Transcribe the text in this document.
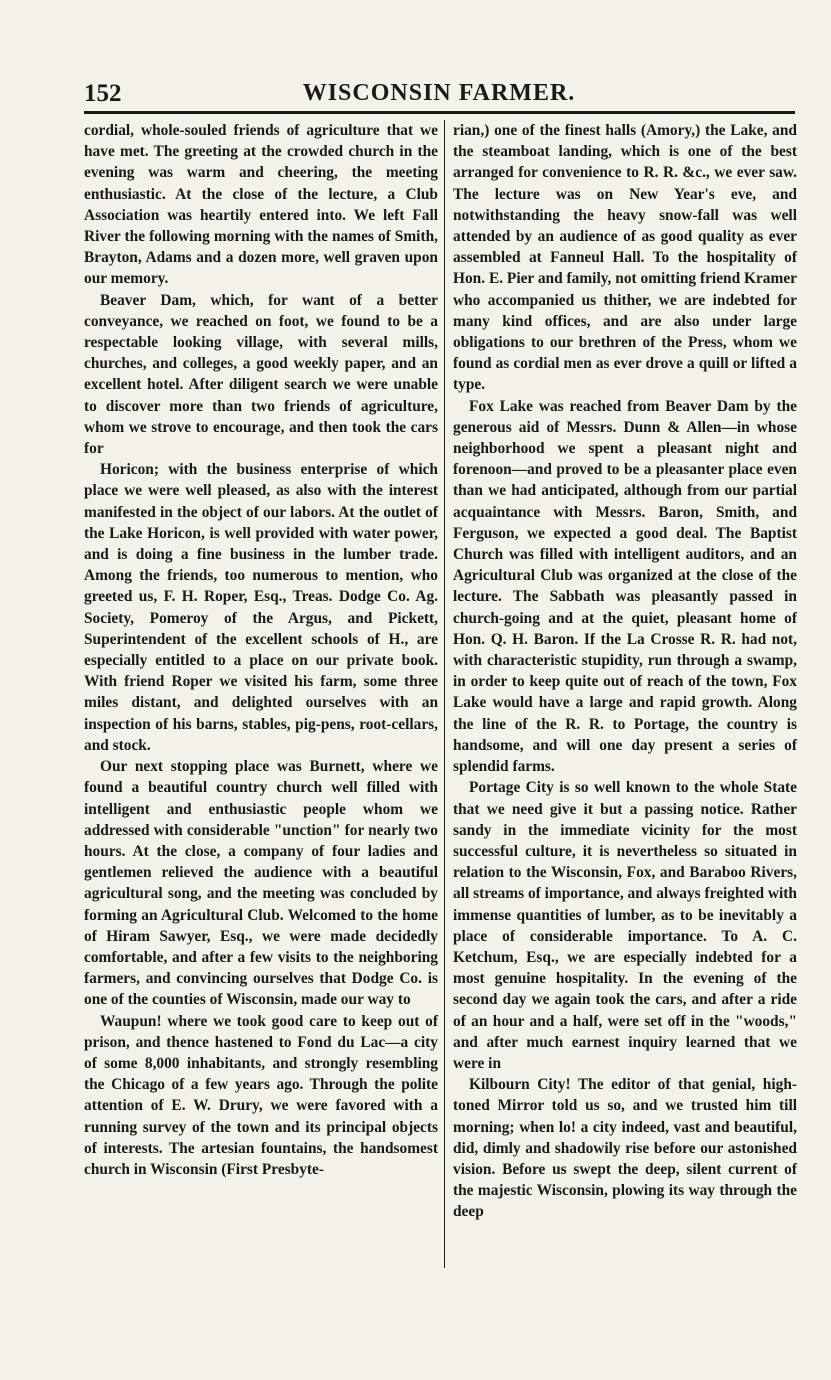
152	WISCONSIN FARMER.

cordial, whole-souled friends of agriculture that we have met. The greeting at the crowded church in the evening was warm and cheering, the meeting enthusiastic. At the close of the lecture, a Club Association was heartily entered into. We left Fall River the following morning with the names of Smith, Brayton, Adams and a dozen more, well graven upon our memory.

Beaver Dam, which, for want of a better conveyance, we reached on foot, we found to be a respectable looking village, with several mills, churches, and colleges, a good weekly paper, and an excellent hotel. After diligent search we were unable to discover more than two friends of agriculture, whom we strove to encourage, and then took the cars for

Horicon; with the business enterprise of which place we were well pleased, as also with the interest manifested in the object of our labors. At the outlet of the Lake Horicon, is well provided with water power, and is doing a fine business in the lumber trade. Among the friends, too numerous to mention, who greeted us, F. H. Roper, Esq., Treas. Dodge Co. Ag. Society, Pomeroy of the Argus, and Pickett, Superintendent of the excellent schools of H., are especially entitled to a place on our private book. With friend Roper we visited his farm, some three miles distant, and delighted ourselves with an inspection of his barns, stables, pig-pens, root-cellars, and stock.

Our next stopping place was Burnett, where we found a beautiful country church well filled with intelligent and enthusiastic people whom we addressed with considerable "unction" for nearly two hours. At the close, a company of four ladies and gentlemen relieved the audience with a beautiful agricultural song, and the meeting was concluded by forming an Agricultural Club. Welcomed to the home of Hiram Sawyer, Esq., we were made decidedly comfortable, and after a few visits to the neighboring farmers, and convincing ourselves that Dodge Co. is one of the counties of Wisconsin, made our way to

Waupun! where we took good care to keep out of prison, and thence hastened to Fond du Lac—a city of some 8,000 inhabitants, and strongly resembling the Chicago of a few years ago. Through the polite attention of E. W. Drury, we were favored with a running survey of the town and its principal objects of interests. The artesian fountains, the handsomest church in Wisconsin (First Presbyte-

rian,) one of the finest halls (Amory,) the Lake, and the steamboat landing, which is one of the best arranged for convenience to R. R. &c., we ever saw. The lecture was on New Year's eve, and notwithstanding the heavy snow-fall was well attended by an audience of as good quality as ever assembled at Fanneul Hall. To the hospitality of Hon. E. Pier and family, not omitting friend Kramer who accompanied us thither, we are indebted for many kind offices, and are also under large obligations to our brethren of the Press, whom we found as cordial men as ever drove a quill or lifted a type.

Fox Lake was reached from Beaver Dam by the generous aid of Messrs. Dunn & Allen—in whose neighborhood we spent a pleasant night and forenoon—and proved to be a pleasanter place even than we had anticipated, although from our partial acquaintance with Messrs. Baron, Smith, and Ferguson, we expected a good deal. The Baptist Church was filled with intelligent auditors, and an Agricultural Club was organized at the close of the lecture. The Sabbath was pleasantly passed in church-going and at the quiet, pleasant home of Hon. Q. H. Baron. If the La Crosse R. R. had not, with characteristic stupidity, run through a swamp, in order to keep quite out of reach of the town, Fox Lake would have a large and rapid growth. Along the line of the R. R. to Portage, the country is handsome, and will one day present a series of splendid farms.

Portage City is so well known to the whole State that we need give it but a passing notice. Rather sandy in the immediate vicinity for the most successful culture, it is nevertheless so situated in relation to the Wisconsin, Fox, and Baraboo Rivers, all streams of importance, and always freighted with immense quantities of lumber, as to be inevitably a place of considerable importance. To A. C. Ketchum, Esq., we are especially indebted for a most genuine hospitality. In the evening of the second day we again took the cars, and after a ride of an hour and a half, were set off in the "woods," and after much earnest inquiry learned that we were in

Kilbourn City! The editor of that genial, high-toned Mirror told us so, and we trusted him till morning; when lo! a city indeed, vast and beautiful, did, dimly and shadowily rise before our astonished vision. Before us swept the deep, silent current of the majestic Wisconsin, plowing its way through the deep
